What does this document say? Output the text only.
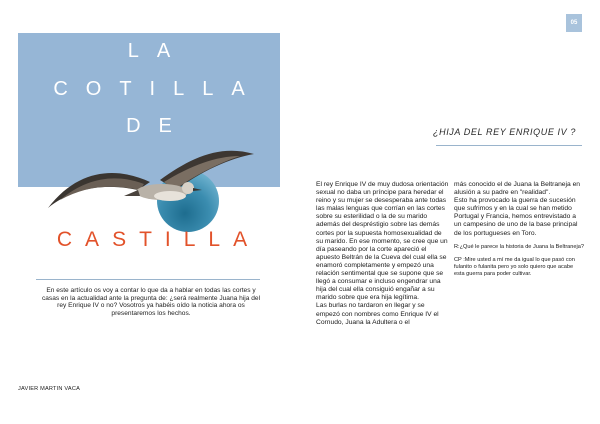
05
LA
COTILLA
DE
CASTILLA
En este artículo os voy a contar lo que da a hablar en todas las cortes y casas en la actualidad ante la pregunta de: ¿será realmente Juana hija del rey Enrique IV o no? Vosotros ya habéis oído la noticia ahora os presentaremos los hechos.
JAVIER MARTIN VACA
¿HIJA DEL REY ENRIQUE IV ?

El rey Enrique IV de muy dudosa orientación sexual no daba un príncipe para heredar el reino y su mujer se desesperaba ante todas las malas lenguas que corrían en las cortes sobre su esterilidad o la de su marido además del despréstigio sobre las demás cortes por la supuesta homosexualidad de su marido. En ese momento, se cree que un día paseando por la corte apareció el apuesto Beltrán de la Cueva del cual ella se enamoró completamente y empezó una relación sentimental que se supone que se llegó a consumar e incluso engendrar una hija del cual ella consiguió engañar a su marido sobre que era hija legítima.

Las burlas no tardaron en llegar y se empezó con nombres como Enrique IV el Cornudo, Juana la Adultera o el

más conocido el de Juana la Beltraneja en alusión a su padre en "realidad".

Esto ha provocado la guerra de sucesión que sufrimos y en la cual se han metido Portugal y Francia, hemos entrevistado a un campesino de uno de la base principal de los portugueses en Toro.

R:¿Qué le parece la historia de Juana la Beltraneja?

CP :Mire usted a mí me da igual lo que pasó con fulanito o fulanita pero yo solo quiero que acabe esta guerra para poder cultivar.
